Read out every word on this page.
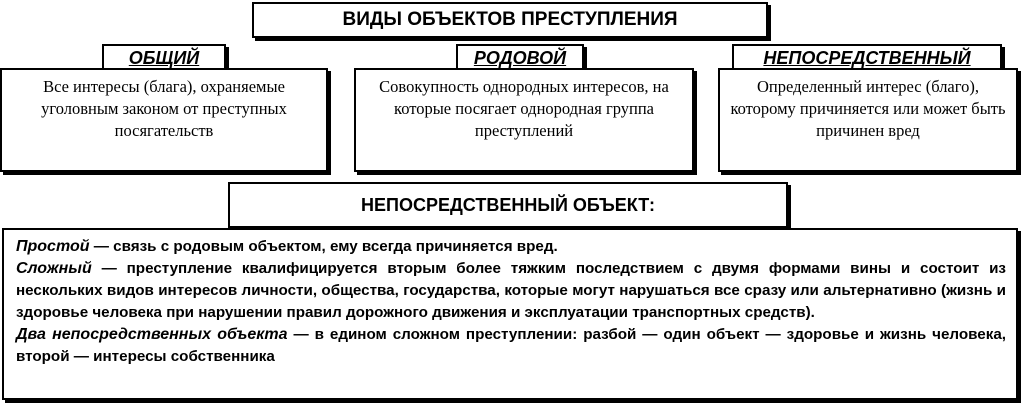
ВИДЫ ОБЪЕКТОВ ПРЕСТУПЛЕНИЯ
ОБЩИЙ	РОДОВОЙ	НЕПОСРЕДСТВЕННЫЙ
Все интересы (блага), охраняемые уголовным законом от преступных посягательств
Совокупность однородных интересов, на которые посягает однородная группа преступлений
Определенный интерес (благо), которому причиняется или может быть причинен вред
НЕПОСРЕДСТВЕННЫЙ ОБЪЕКТ:

Простой — связь с родовым объектом, ему всегда причиняется вред.

Сложный — преступление квалифицируется вторым более тяжким последствием с двумя формами вины и состоит из нескольких видов интересов личности, общества, государства, которые могут нарушаться все сразу или альтернативно (жизнь и здоровье человека при нарушении правил дорожного движения и эксплуатации транспортных средств).

Два непосредственных объекта — в едином сложном преступлении: разбой — один объект — здоровье и жизнь человека, второй — интересы собственника
